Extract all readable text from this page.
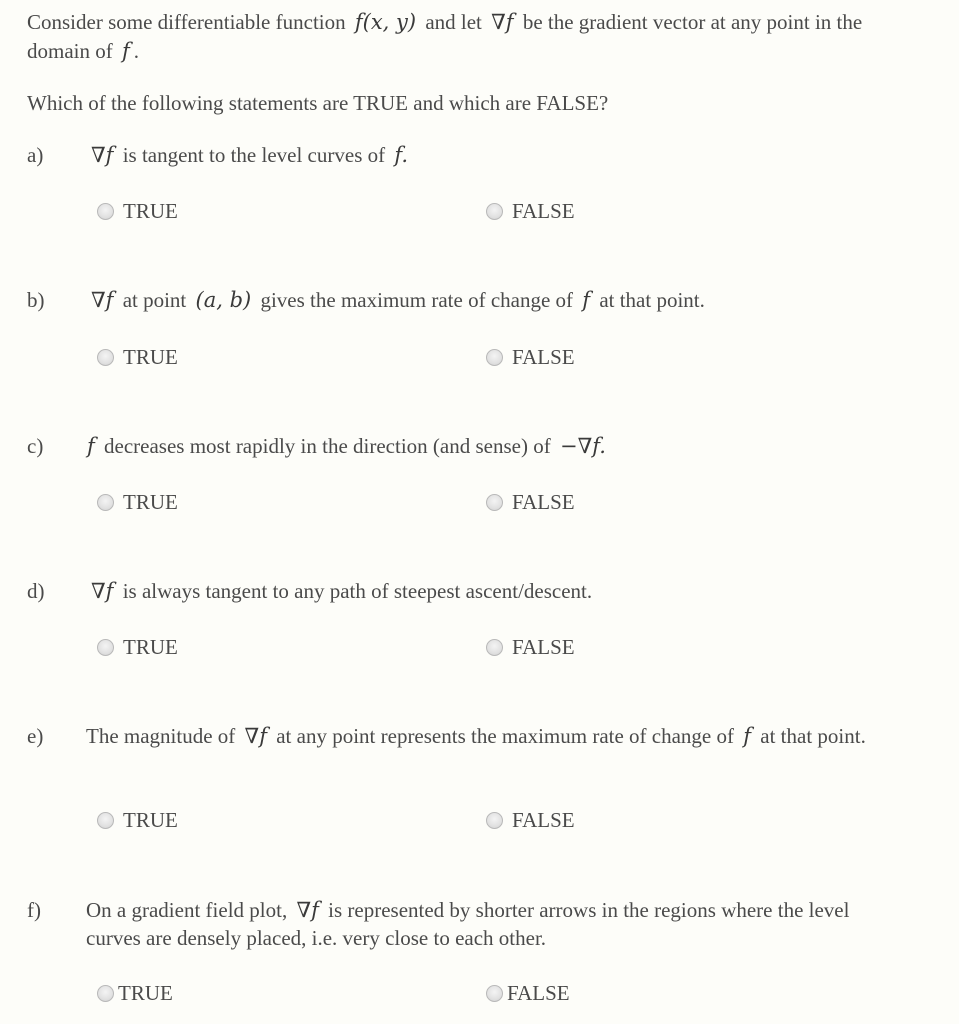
Consider some differentiable function f(x, y) and let ∇f be the gradient vector at any point in the domain of f .
Which of the following statements are TRUE and which are FALSE?
a) ∇f is tangent to the level curves of f.
TRUE	FALSE
b) ∇f at point (a, b) gives the maximum rate of change of f at that point.
TRUE	FALSE
c) f decreases most rapidly in the direction (and sense) of −∇f.
TRUE	FALSE
d) ∇f is always tangent to any path of steepest ascent/descent.
TRUE	FALSE
e) The magnitude of ∇f at any point represents the maximum rate of change of f at that point.
TRUE	FALSE
f) On a gradient field plot, ∇f is represented by shorter arrows in the regions where the level curves are densely placed, i.e. very close to each other.
TRUE	FALSE
